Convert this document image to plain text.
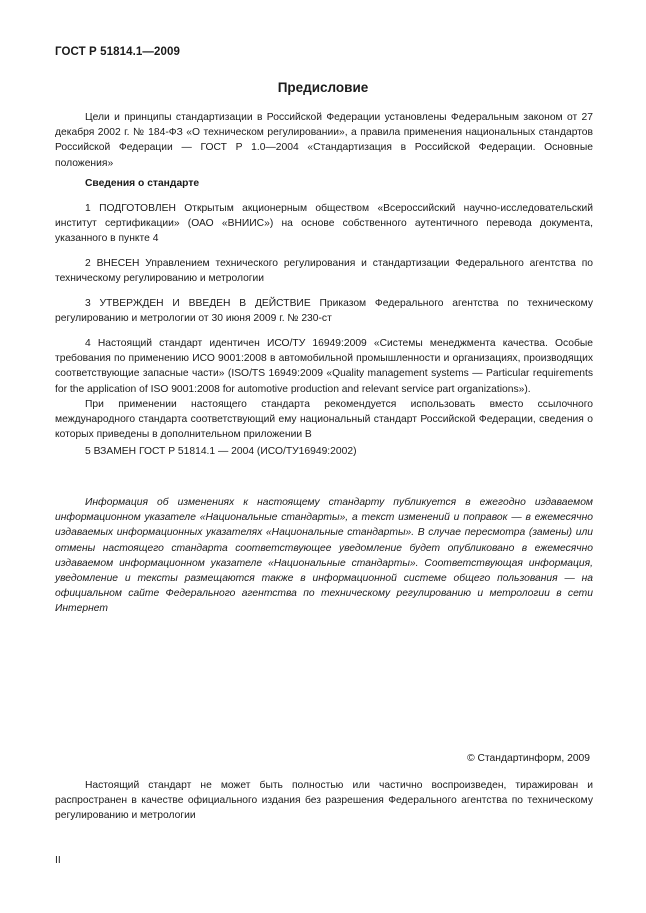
ГОСТ Р 51814.1—2009
Предисловие
Цели и принципы стандартизации в Российской Федерации установлены Федеральным законом от 27 декабря 2002 г. № 184-ФЗ «О техническом регулировании», а правила применения национальных стандартов Российской Федерации — ГОСТ Р 1.0—2004 «Стандартизация в Российской Федерации. Основные положения»
Сведения о стандарте
1 ПОДГОТОВЛЕН Открытым акционерным обществом «Всероссийский научно-исследовательский институт сертификации» (ОАО «ВНИИС») на основе собственного аутентичного перевода документа, указанного в пункте 4
2 ВНЕСЕН Управлением технического регулирования и стандартизации Федерального агентства по техническому регулированию и метрологии
3 УТВЕРЖДЕН И ВВЕДЕН В ДЕЙСТВИЕ Приказом Федерального агентства по техническому регулированию и метрологии от 30 июня 2009 г. № 230-ст
4 Настоящий стандарт идентичен ИСО/ТУ 16949:2009 «Системы менеджмента качества. Особые требования по применению ИСО 9001:2008 в автомобильной промышленности и организациях, производящих соответствующие запасные части» (ISO/TS 16949:2009 «Quality management systems — Particular requirements for the application of ISO 9001:2008 for automotive production and relevant service part organizations»).
При применении настоящего стандарта рекомендуется использовать вместо ссылочного международного стандарта соответствующий ему национальный стандарт Российской Федерации, сведения о которых приведены в дополнительном приложении В
5 ВЗАМЕН ГОСТ Р 51814.1 — 2004 (ИСО/ТУ16949:2002)
Информация об изменениях к настоящему стандарту публикуется в ежегодно издаваемом информационном указателе «Национальные стандарты», а текст изменений и поправок — в ежемесячно издаваемых информационных указателях «Национальные стандарты». В случае пересмотра (замены) или отмены настоящего стандарта соответствующее уведомление будет опубликовано в ежемесячно издаваемом информационном указателе «Национальные стандарты». Соответствующая информация, уведомление и тексты размещаются также в информационной системе общего пользования — на официальном сайте Федерального агентства по техническому регулированию и метрологии в сети Интернет
© Стандартинформ, 2009
Настоящий стандарт не может быть полностью или частично воспроизведен, тиражирован и распространен в качестве официального издания без разрешения Федерального агентства по техническому регулированию и метрологии
II
